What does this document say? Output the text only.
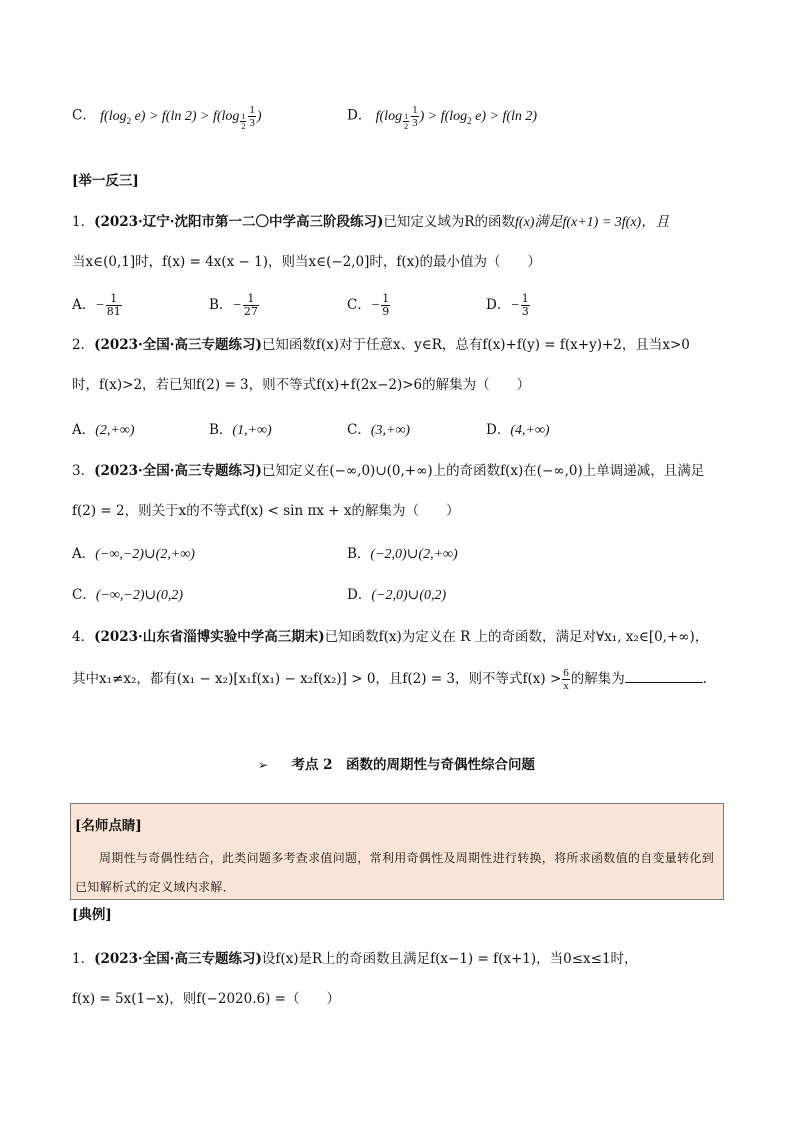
C． $f(\log_2$ e) > f(ln 2) > f(log $_{\frac{1}{2}} \frac{1}{3}$ )	D． f(log $_{\frac{1}{2}} \frac{1}{3}$ ) > $f(\log_2$ e) > f(ln 2)
[举一反三]
1．(2023·辽宁·沈阳市第一二〇中学高三阶段练习)已知定义域为R的函数f(x)满足f(x+1) = 3f(x)，且
当x∈(0,1]时，f(x) = 4x(x − 1)，则当x∈(−2,0]时，f(x)的最小值为（　　）
A．− $\frac{1}{81}$	B．− $\frac{1}{27}$	C．− $\frac{1}{9}$	D．− $\frac{1}{3}$
2．(2023·全国·高三专题练习)已知函数f(x)对于任意x、y∈R，总有f(x)+f(y) = f(x+y)+2，且当x>0
时，f(x)>2，若已知f(2) = 3，则不等式f(x)+f(2x−2)>6的解集为（　　）
A．(2,+∞)	B．(1,+∞)	C．(3,+∞)	D．(4,+∞)
3．(2023·全国·高三专题练习)已知定义在(−∞,0)∪(0,+∞)上的奇函数f(x)在(−∞,0)上单调递减，且满足
f(2) = 2，则关于x的不等式f(x) < sin πx + x的解集为（　　）
A．(−∞,−2)∪(2,+∞)	B．(−2,0)∪(2,+∞)
C．(−∞,−2)∪(0,2)	D．(−2,0)∪(0,2)
4．(2023·山东省淄博实验中学高三期末)已知函数f(x)为定义在 R 上的奇函数，满足对∀x₁, x₂∈[0,+∞)，
其中x₁≠x₂，都有(x₁ − x₂)[x₁f(x₁) − x₂f(x₂)] > 0，且f(2) = 3，则不等式$f(x) > \frac{6}{x}$ 的解集为	.
➢ 考点 2　函数的周期性与奇偶性综合问题
[名师点睛]
周期性与奇偶性结合，此类问题多考查求值问题，常利用奇偶性及周期性进行转换，将所求函数值的自变量转化到已知解析式的定义域内求解．
[典例]
1．(2023·全国·高三专题练习)设f(x)是R上的奇函数且满足f(x−1) = f(x+1)，当0≤x≤1时，
f(x) = 5x(1−x)，则f(−2020.6) =（　　）
